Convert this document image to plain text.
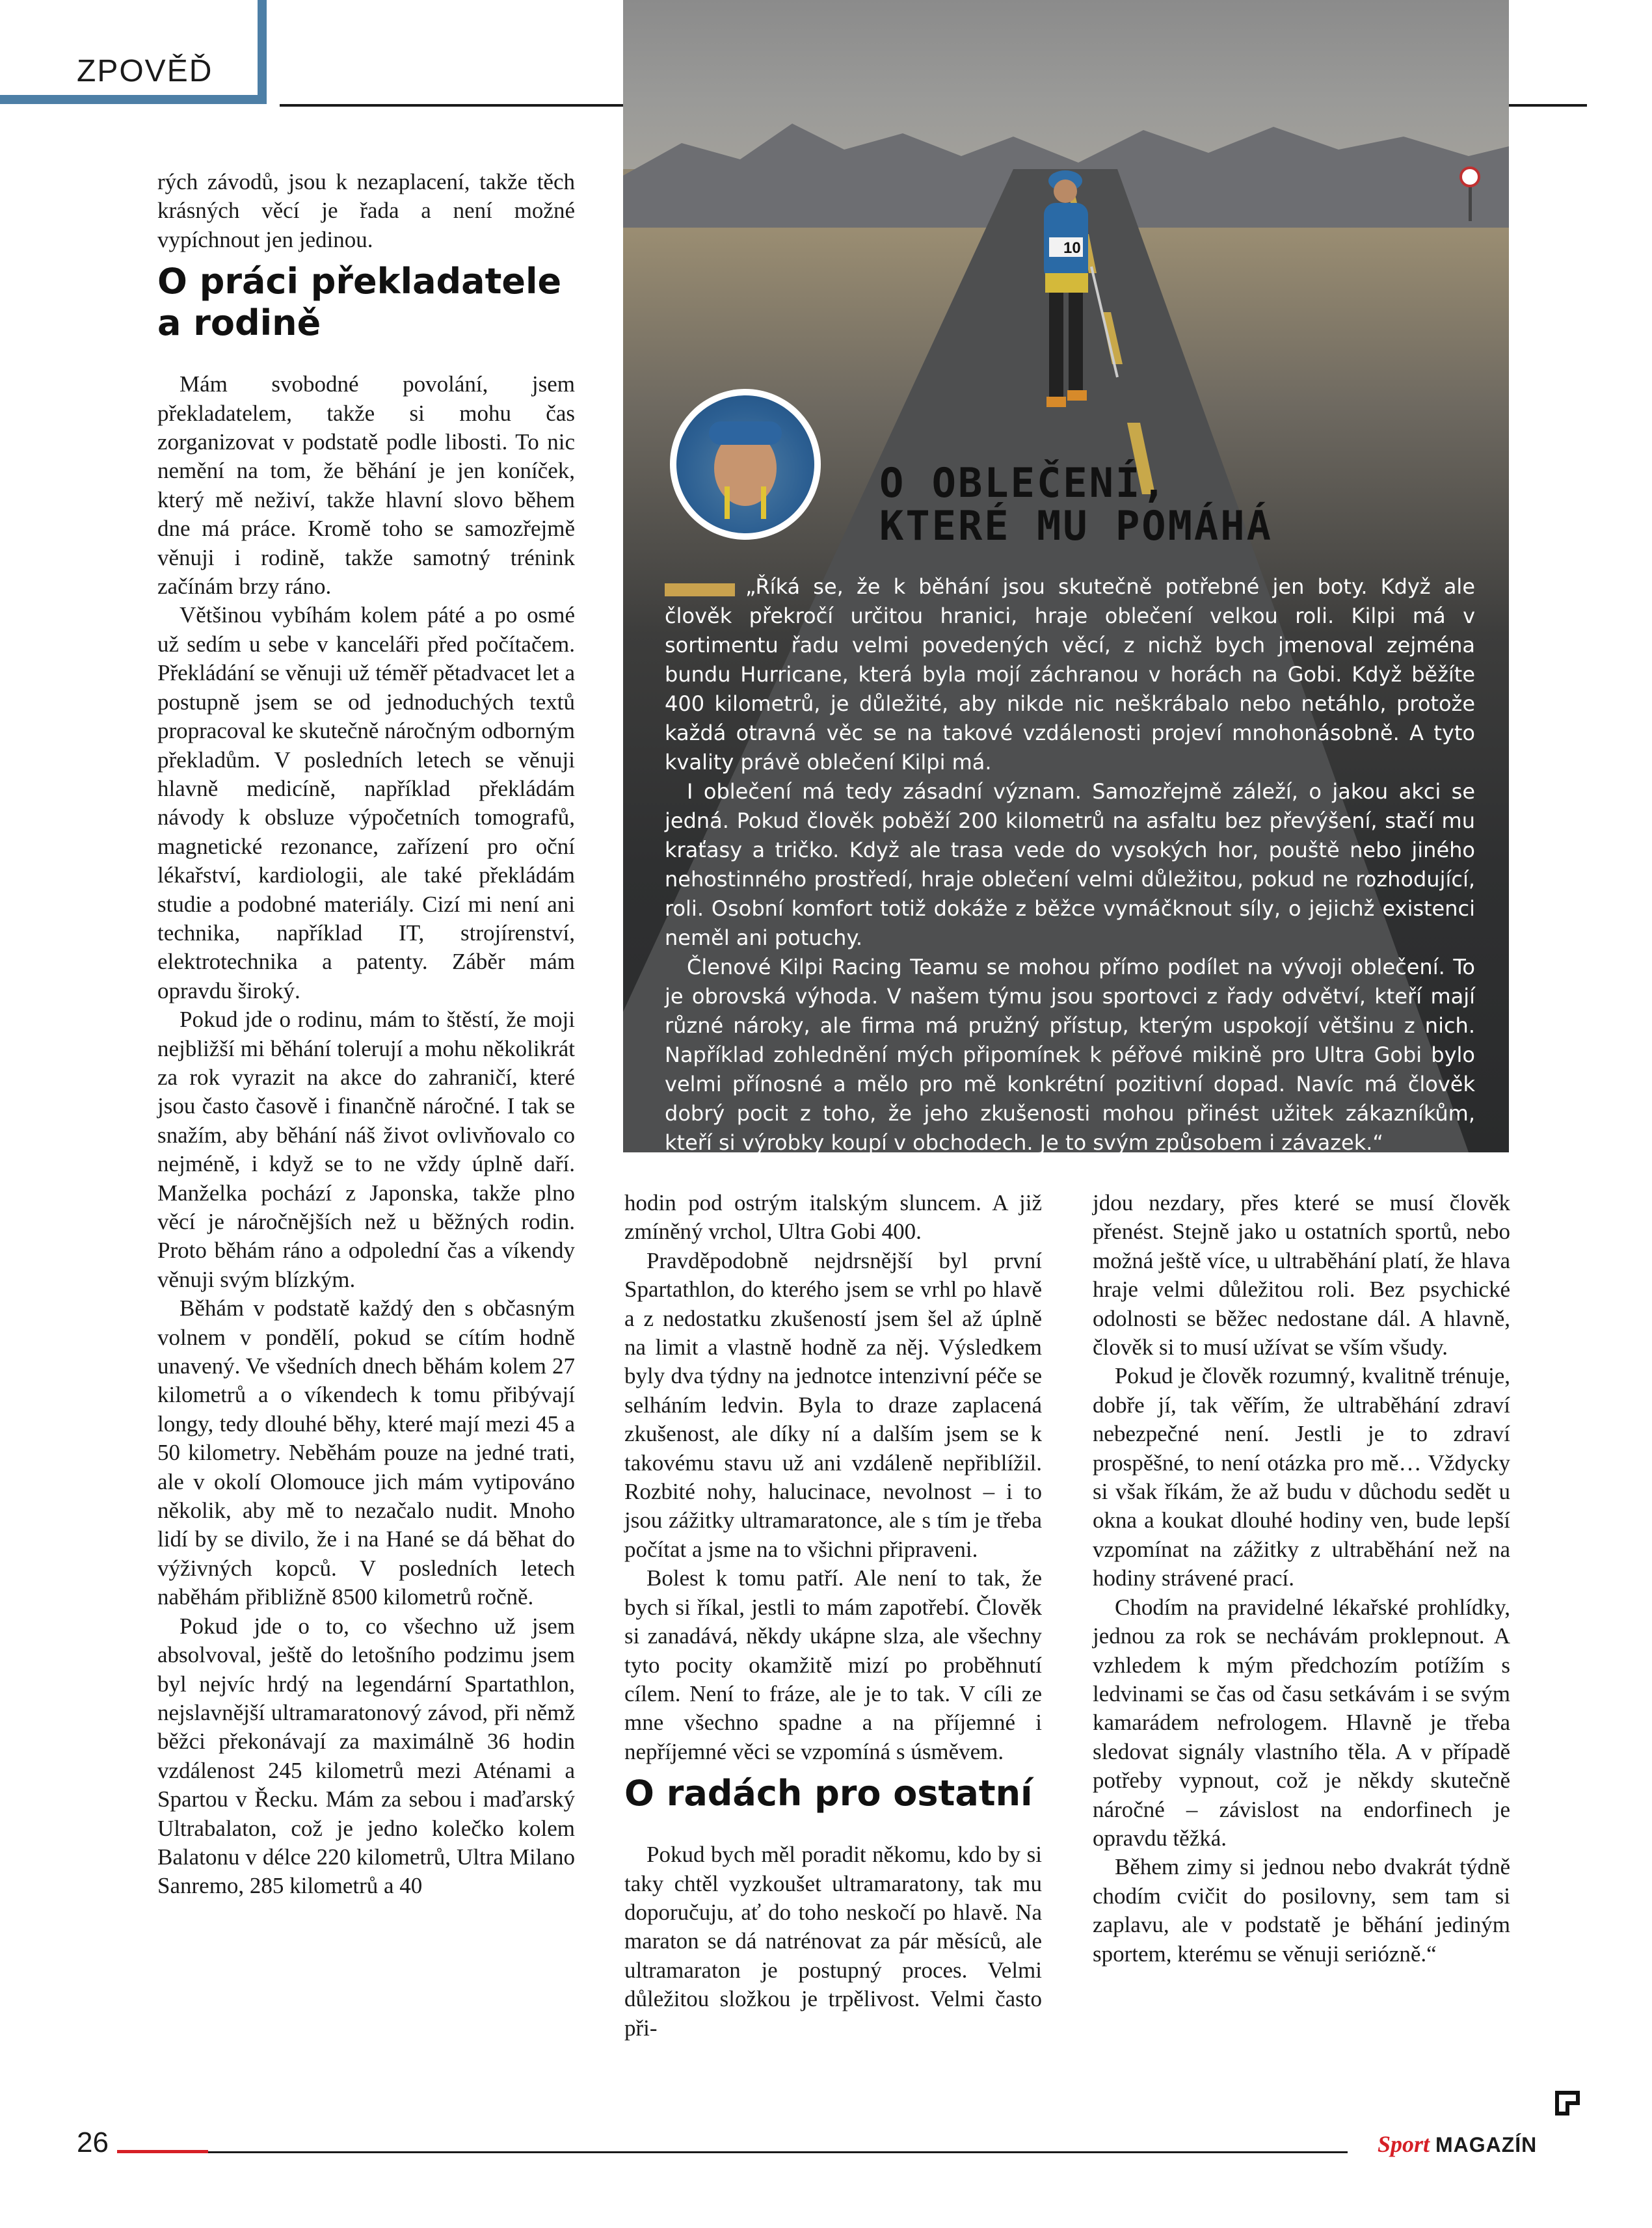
ZPOVĚĎ
10
O OBLEČENÍ,
KTERÉ MU POMÁHÁ

„Říká se, že k běhání jsou skutečně potřebné jen boty. Když ale člověk překročí určitou hranici, hraje oblečení velkou roli. Kilpi má v sortimentu řadu velmi povedených věcí, z nichž bych jmenoval zejména bundu Hurricane, která byla mojí záchranou v horách na Gobi. Když běžíte 400 kilometrů, je důležité, aby nikde nic neškrábalo nebo netáhlo, protože každá otravná věc se na takové vzdálenosti projeví mnohonásobně. A tyto kvality právě oblečení Kilpi má.

I oblečení má tedy zásadní význam. Samozřejmě záleží, o jakou akci se jedná. Pokud člověk poběží 200 kilometrů na asfaltu bez převýšení, stačí mu kraťasy a tričko. Když ale trasa vede do vysokých hor, pouště nebo jiného nehostinného prostředí, hraje oblečení velmi důležitou, pokud ne rozhodující, roli. Osobní komfort totiž dokáže z běžce vymáčknout síly, o jejichž existenci neměl ani potuchy.

Členové Kilpi Racing Teamu se mohou přímo podílet na vývoji oblečení. To je obrovská výhoda. V našem týmu jsou sportovci z řady odvětví, kteří mají různé nároky, ale firma má pružný přístup, kterým uspokojí většinu z nich. Například zohlednění mých připomínek k péřové mikině pro Ultra Gobi bylo velmi přínosné a mělo pro mě konkrétní pozitivní dopad. Navíc má člověk dobrý pocit z toho, že jeho zkušenosti mohou přinést užitek zákazníkům, kteří si výrobky koupí v obchodech. Je to svým způsobem i závazek.“

rých závodů, jsou k nezaplacení, takže těch krásných věcí je řada a není možné vypíchnout jen jedinou.

O práci překladatele a rodině

Mám svobodné povolání, jsem překladatelem, takže si mohu čas zorganizovat v podstatě podle libosti. To nic nemění na tom, že běhání je jen koníček, který mě neživí, takže hlavní slovo během dne má práce. Kromě toho se samozřejmě věnuji i rodině, takže samotný trénink začínám brzy ráno.

Většinou vybíhám kolem páté a po osmé už sedím u sebe v kanceláři před počítačem. Překládání se věnuji už téměř pětadvacet let a postupně jsem se od jednoduchých textů propracoval ke skutečně náročným odborným překladům. V posledních letech se věnuji hlavně medicíně, například překládám návody k obsluze výpočetních tomografů, magnetické rezonance, zařízení pro oční lékařství, kardiologii, ale také překládám studie a podobné materiály. Cizí mi není ani technika, například IT, strojírenství, elektrotechnika a patenty. Záběr mám opravdu široký.

Pokud jde o rodinu, mám to štěstí, že moji nejbližší mi běhání tolerují a mohu několikrát za rok vyrazit na akce do zahraničí, které jsou často časově i finančně náročné. I tak se snažím, aby běhání náš život ovlivňovalo co nejméně, i když se to ne vždy úplně daří. Manželka pochází z Japonska, takže plno věcí je náročnějších než u běžných rodin. Proto běhám ráno a odpolední čas a víkendy věnuji svým blízkým.

Běhám v podstatě každý den s občasným volnem v pondělí, pokud se cítím hodně unavený. Ve všedních dnech běhám kolem 27 kilometrů a o víkendech k tomu přibývají longy, tedy dlouhé běhy, které mají mezi 45 a 50 kilometry. Neběhám pouze na jedné trati, ale v okolí Olomouce jich mám vytipováno několik, aby mě to nezačalo nudit. Mnoho lidí by se divilo, že i na Hané se dá běhat do výživných kopců. V posledních letech naběhám přibližně 8500 kilometrů ročně.

Pokud jde o to, co všechno už jsem absolvoval, ještě do letošního podzimu jsem byl nejvíc hrdý na legendární Spartathlon, nejslavnější ultramaratonový závod, při němž běžci překonávají za maximálně 36 hodin vzdálenost 245 kilometrů mezi Aténami a Spartou v Řecku. Mám za sebou i maďarský Ultrabalaton, což je jedno kolečko kolem Balatonu v délce 220 kilometrů, Ultra Milano Sanremo, 285 kilometrů a 40

hodin pod ostrým italským sluncem. A již zmíněný vrchol, Ultra Gobi 400.

Pravděpodobně nejdrsnější byl první Spartathlon, do kterého jsem se vrhl po hlavě a z nedostatku zkušeností jsem šel až úplně na limit a vlastně hodně za něj. Výsledkem byly dva týdny na jednotce intenzivní péče se selháním ledvin. Byla to draze zaplacená zkušenost, ale díky ní a dalším jsem se k takovému stavu už ani vzdáleně nepřiblížil. Rozbité nohy, halucinace, nevolnost – i to jsou zážitky ultramaratonce, ale s tím je třeba počítat a jsme na to všichni připraveni.

Bolest k tomu patří. Ale není to tak, že bych si říkal, jestli to mám zapotřebí. Člověk si zanadává, někdy ukápne slza, ale všechny tyto pocity okamžitě mizí po proběhnutí cílem. Není to fráze, ale je to tak. V cíli ze mne všechno spadne a na příjemné i nepříjemné věci se vzpomíná s úsměvem.

O radách pro ostatní

Pokud bych měl poradit někomu, kdo by si taky chtěl vyzkoušet ultramaratony, tak mu doporučuju, ať do toho neskočí po hlavě. Na maraton se dá natrénovat za pár měsíců, ale ultramaraton je postupný proces. Velmi důležitou složkou je trpělivost. Velmi často při-

jdou nezdary, přes které se musí člověk přenést. Stejně jako u ostatních sportů, nebo možná ještě více, u ultraběhání platí, že hlava hraje velmi důležitou roli. Bez psychické odolnosti se běžec nedostane dál. A hlavně, člověk si to musí užívat se vším všudy.

Pokud je člověk rozumný, kvalitně trénuje, dobře jí, tak věřím, že ultraběhání zdraví nebezpečné není. Jestli je to zdraví prospěšné, to není otázka pro mě… Vždycky si však říkám, že až budu v důchodu sedět u okna a koukat dlouhé hodiny ven, bude lepší vzpomínat na zážitky z ultraběhání než na hodiny strávené prací.

Chodím na pravidelné lékařské prohlídky, jednou za rok se nechávám proklepnout. A vzhledem k mým předchozím potížím s ledvinami se čas od času setkávám i se svým kamarádem nefrologem. Hlavně je třeba sledovat signály vlastního těla. A v případě potřeby vypnout, což je někdy skutečně náročné – závislost na endorfinech je opravdu těžká.

Během zimy si jednou nebo dvakrát týdně chodím cvičit do posilovny, sem tam si zaplavu, ale v podstatě je běhání jediným sportem, kterému se věnuji seriózně.“

26	Sport MAGAZÍN
